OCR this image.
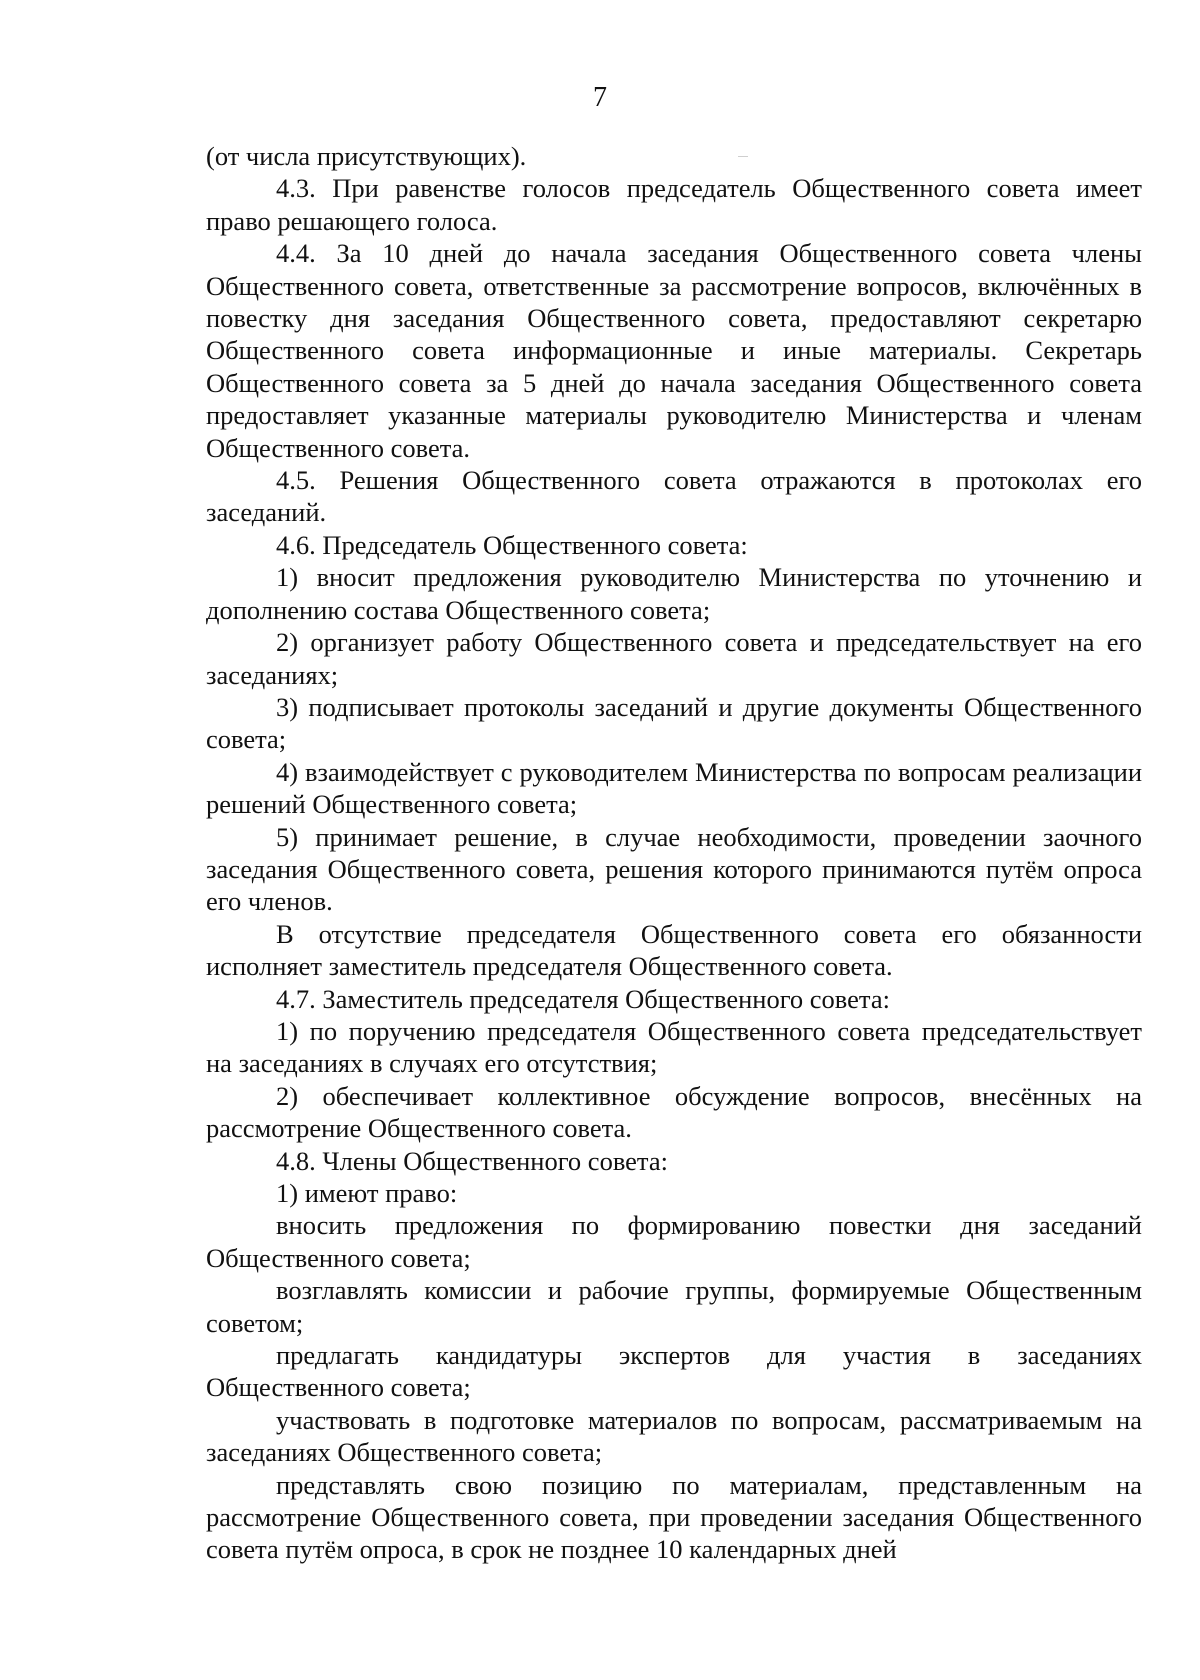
7

(от числа присутствующих).

4.3. При равенстве голосов председатель Общественного совета имеет право решающего голоса.

4.4. За 10 дней до начала заседания Общественного совета члены Общественного совета, ответственные за рассмотрение вопросов, включённых в повестку дня заседания Общественного совета, предоставляют секретарю Общественного совета информационные и иные материалы. Секретарь Общественного совета за 5 дней до начала заседания Общественного совета предоставляет указанные материалы руководителю Министерства и членам Общественного совета.

4.5. Решения Общественного совета отражаются в протоколах его заседаний.

4.6. Председатель Общественного совета:

1) вносит предложения руководителю Министерства по уточнению и дополнению состава Общественного совета;

2) организует работу Общественного совета и председательствует на его заседаниях;

3) подписывает протоколы заседаний и другие документы Общественного совета;

4) взаимодействует с руководителем Министерства по вопросам реализации решений Общественного совета;

5) принимает решение, в случае необходимости, проведении заочного заседания Общественного совета, решения которого принимаются путём опроса его членов.

В отсутствие председателя Общественного совета его обязанности исполняет заместитель председателя Общественного совета.

4.7. Заместитель председателя Общественного совета:

1) по поручению председателя Общественного совета председательствует на заседаниях в случаях его отсутствия;

2) обеспечивает коллективное обсуждение вопросов, внесённых на рассмотрение Общественного совета.

4.8. Члены Общественного совета:

1) имеют право:

вносить предложения по формированию повестки дня заседаний Общественного совета;

возглавлять комиссии и рабочие группы, формируемые Общественным советом;

предлагать кандидатуры экспертов для участия в заседаниях Общественного совета;

участвовать в подготовке материалов по вопросам, рассматриваемым на заседаниях Общественного совета;

представлять свою позицию по материалам, представленным на рассмотрение Общественного совета, при проведении заседания Общественного совета путём опроса, в срок не позднее 10 календарных дней
